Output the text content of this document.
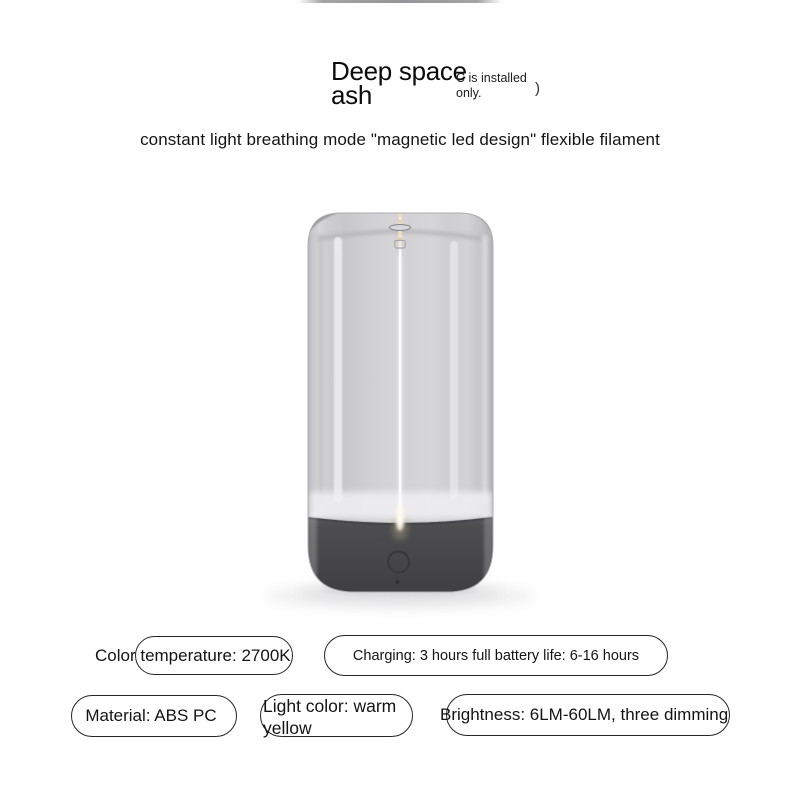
Deep space ash
C is installed only.	)
constant light breathing mode "magnetic led design" flexible filament
Color temperature: 2700K	Charging: 3 hours full battery life: 6-16 hours
Material: ABS PC	Light color: warm yellow
Brightness: 6LM-60LM, three dimming
